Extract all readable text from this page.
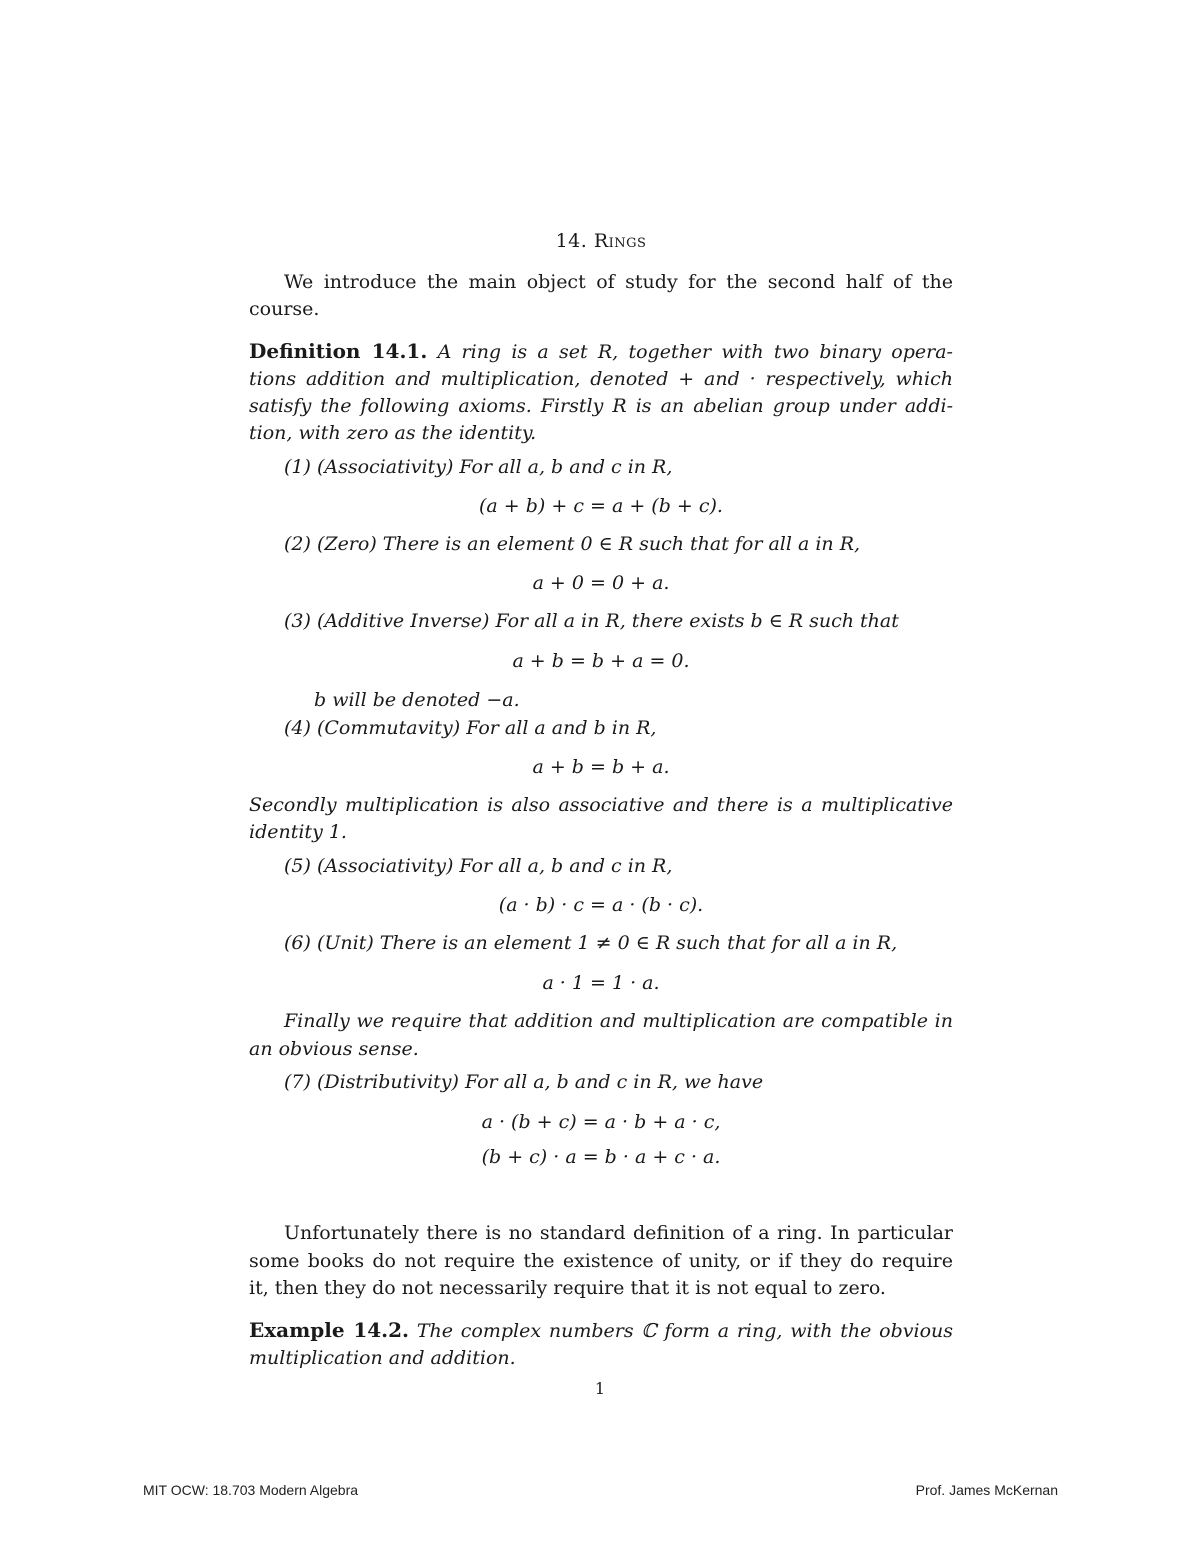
14. Rings
We introduce the main object of study for the second half of the
course.
Definition 14.1. A ring is a set R, together with two binary opera-
tions addition and multiplication, denoted + and · respectively, which
satisfy the following axioms. Firstly R is an abelian group under addi-
tion, with zero as the identity.
(1) (Associativity) For all a, b and c in R,
(a + b) + c = a + (b + c).
(2) (Zero) There is an element 0 ∈ R such that for all a in R,
a + 0 = 0 + a.
(3) (Additive Inverse) For all a in R, there exists b ∈ R such that
a + b = b + a = 0.
b will be denoted −a.
(4) (Commutavity) For all a and b in R,
a + b = b + a.
Secondly multiplication is also associative and there is a multiplicative
identity 1.
(5) (Associativity) For all a, b and c in R,
(a · b) · c = a · (b · c).
(6) (Unit) There is an element 1 ≠ 0 ∈ R such that for all a in R,
a · 1 = 1 · a.
Finally we require that addition and multiplication are compatible in
an obvious sense.
(7) (Distributivity) For all a, b and c in R, we have
a · (b + c) = a · b + a · c,
(b + c) · a = b · a + c · a.
Unfortunately there is no standard definition of a ring. In particular
some books do not require the existence of unity, or if they do require
it, then they do not necessarily require that it is not equal to zero.
Example 14.2. The complex numbers ℂ form a ring, with the obvious
multiplication and addition.
1
MIT OCW: 18.703 Modern Algebra	Prof. James McKernan
